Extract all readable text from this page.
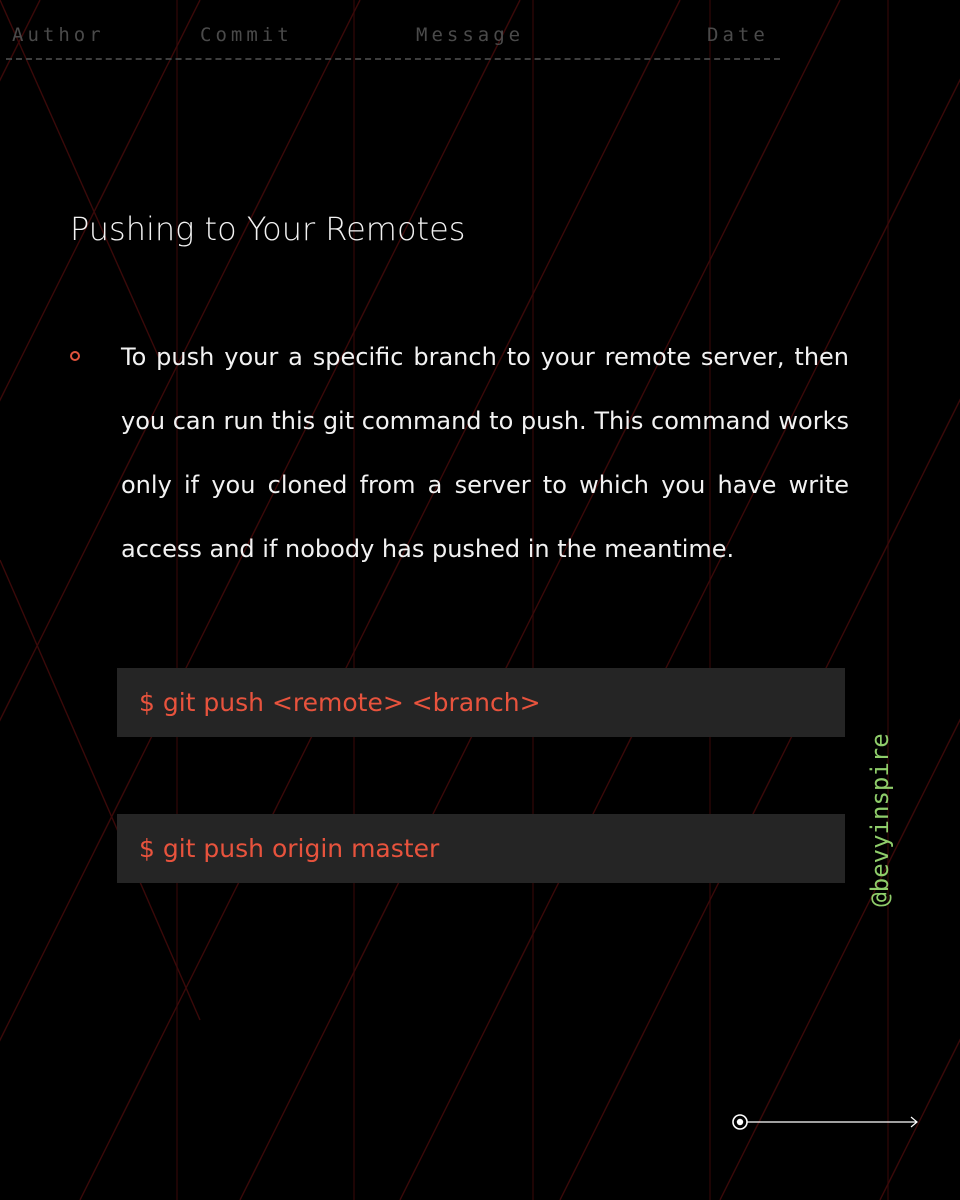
Author	Commit	Message	Date
Pushing to Your Remotes
To push your a specific branch to your remote server, then you can run this git command to push. This command works only if you cloned from a server to which you have write access and if nobody has pushed in the meantime.
$ git push <remote> <branch>
$ git push origin master	@bevyinspire
